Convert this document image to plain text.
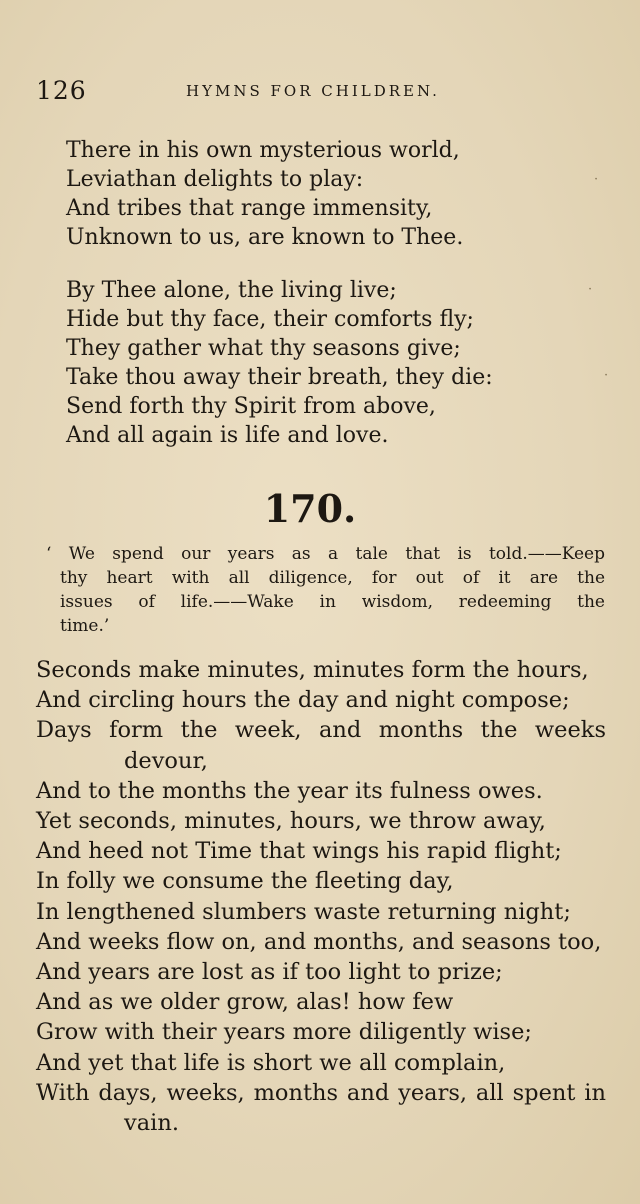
126	HYMNS FOR CHILDREN.
There in his own mysterious world,
Leviathan delights to play:
And tribes that range immensity,
Unknown to us, are known to Thee.
By Thee alone, the living live;
Hide but thy face, their comforts fly;
They gather what thy seasons give;
Take thou away their breath, they die:
Send forth thy Spirit from above,
And all again is life and love.
170.
‘ We spend our years as a tale that is told.——Keep
thy heart with all diligence, for out of it are the
issues of life.——Wake in wisdom, redeeming the
time.’
Seconds make minutes, minutes form the hours,
And circling hours the day and night compose;
Days form the week, and months the weeks
devour,
And to the months the year its fulness owes.
Yet seconds, minutes, hours, we throw away,
And heed not Time that wings his rapid flight;
In folly we consume the fleeting day,
In lengthened slumbers waste returning night;
And weeks flow on, and months, and seasons too,
And years are lost as if too light to prize;
And as we older grow, alas! how few
Grow with their years more diligently wise;
And yet that life is short we all complain,
With days, weeks, months and years, all spent in
vain.
·
·
·
